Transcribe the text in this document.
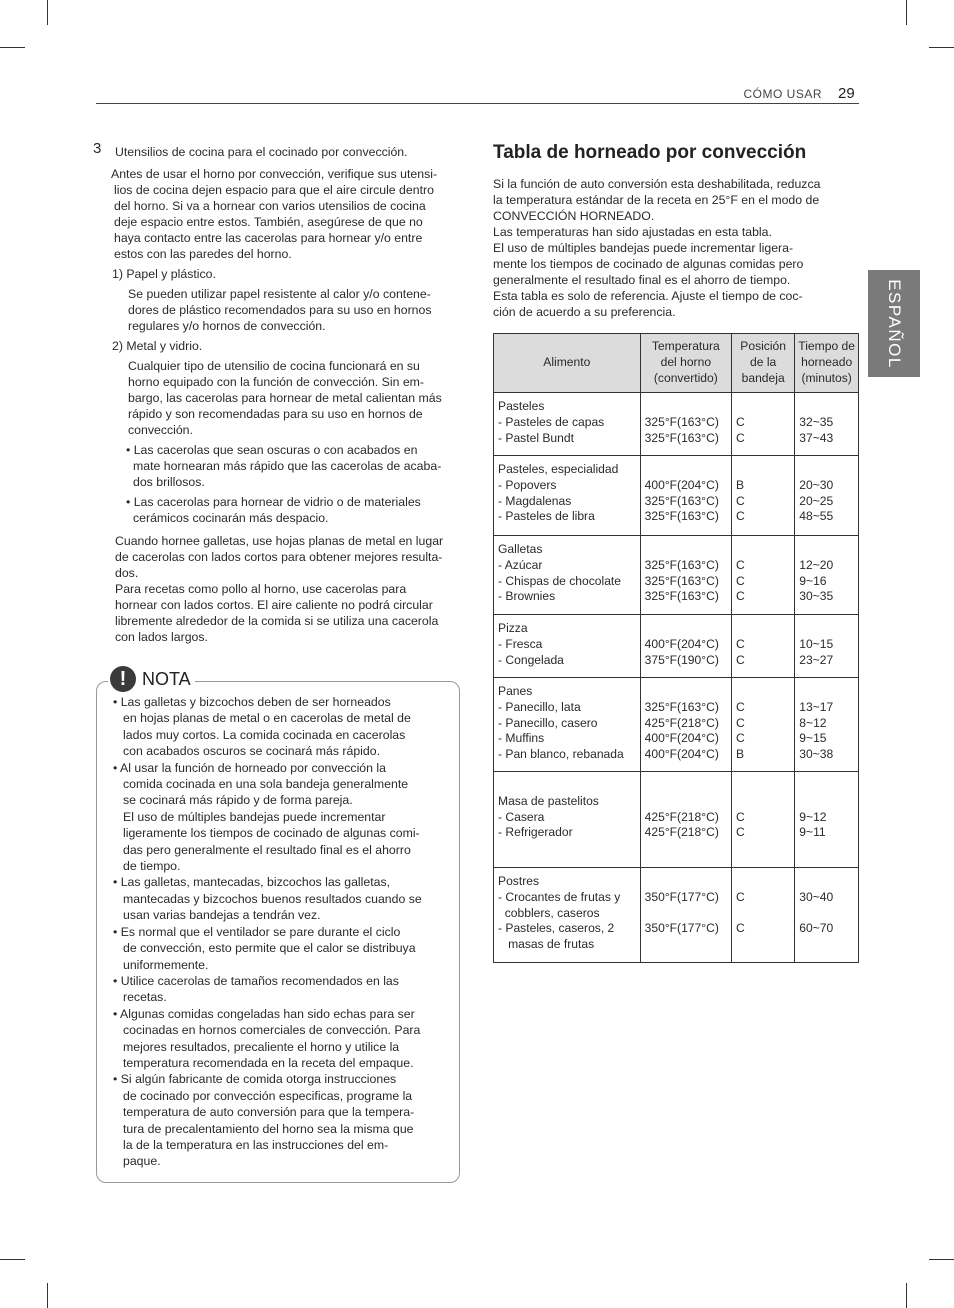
CÓMO USAR 29
ESPAÑOL
3 Utensilios de cocina para el cocinado por convección.
Antes de usar el horno por convección, verifique sus utensi-
lios de cocina dejen espacio para que el aire circule dentro
del horno. Si va a hornear con varios utensilios de cocina
deje espacio entre estos. También, asegúrese de que no
haya contacto entre las cacerolas para hornear y/o entre
estos con las paredes del horno.
1) Papel y plástico.
Se pueden utilizar papel resistente al calor y/o contene-
dores de plástico recomendados para su uso en hornos
regulares y/o hornos de convección.
2) Metal y vidrio.
Cualquier tipo de utensilio de cocina funcionará en su
horno equipado con la función de convección. Sin em-
bargo, las cacerolas para hornear de metal calientan más
rápido y son recomendadas para su uso en hornos de
convección.
• Las cacerolas que sean oscuras o con acabados en
mate hornearan más rápido que las cacerolas de acaba-
dos brillosos.
• Las cacerolas para hornear de vidrio o de materiales
cerámicos cocinarán más despacio.
Cuando hornee galletas, use hojas planas de metal en lugar
de cacerolas con lados cortos para obtener mejores resulta-
dos.
Para recetas como pollo al horno, use cacerolas para
hornear con lados cortos. El aire caliente no podrá circular
libremente alrededor de la comida si se utiliza una cacerola
con lados largos.
! NOTA
• Las galletas y bizcochos deben de ser horneados
en hojas planas de metal o en cacerolas de metal de
lados muy cortos. La comida cocinada en cacerolas
con acabados oscuros se cocinará más rápido.
• Al usar la función de horneado por convección la
comida cocinada en una sola bandeja generalmente
se cocinará más rápido y de forma pareja.
El uso de múltiples bandejas puede incrementar
ligeramente los tiempos de cocinado de algunas comi-
das pero generalmente el resultado final es el ahorro
de tiempo.
• Las galletas, mantecadas, bizcochos las galletas,
mantecadas y bizcochos buenos resultados cuando se
usan varias bandejas a tendrán vez.
• Es normal que el ventilador se pare durante el ciclo
de convección, esto permite que el calor se distribuya
uniformemente.
• Utilice cacerolas de tamaños recomendados en las
recetas.
• Algunas comidas congeladas han sido echas para ser
cocinadas en hornos comerciales de convección. Para
mejores resultados, precaliente el horno y utilice la
temperatura recomendada en la receta del empaque.
• Si algún fabricante de comida otorga instrucciones
de cocinado por convección especificas, programe la
temperatura de auto conversión para que la tempera-
tura de precalentamiento del horno sea la misma que
la de la temperatura en las instrucciones del em-
paque.
Tabla de horneado por convección
Si la función de auto conversión esta deshabilitada, reduzca
la temperatura estándar de la receta en 25°F en el modo de
CONVECCIÓN HORNEADO.
Las temperaturas han sido ajustadas en esta tabla.
El uso de múltiples bandejas puede incrementar ligera-
mente los tiempos de cocinado de algunas comidas pero
generalmente el resultado final es el ahorro de tiempo.
Esta tabla es solo de referencia. Ajuste el tiempo de coc-
ción de acuerdo a su preferencia.
Alimento	Temperatura
del horno
(convertido)	Posición
de la
bandeja	Tiempo de
horneado
(minutos)

Pasteles
- Pasteles de capas
- Pastel Bundt	325°F(163°C)
325°F(163°C)	C
C	32~35
37~43

Pasteles, especialidad
- Popovers
- Magdalenas
- Pasteles de libra	400°F(204°C)
325°F(163°C)
325°F(163°C)	B
C
C	20~30
20~25
48~55

Galletas
- Azúcar
- Chispas de chocolate
- Brownies	325°F(163°C)
325°F(163°C)
325°F(163°C)	C
C
C	12~20
9~16
30~35

Pizza
- Fresca
- Congelada	400°F(204°C)
375°F(190°C)	C
C	10~15
23~27

Panes
- Panecillo, lata
- Panecillo, casero
- Muffins
- Pan blanco, rebanada	325°F(163°C)
425°F(218°C)
400°F(204°C)
400°F(204°C)	C
C
C
B	13~17
8~12
9~15
30~38

Masa de pastelitos
- Casera
- Refrigerador	425°F(218°C)
425°F(218°C)	C
C	9~12
9~11

Postres
- Crocantes de frutas y
cobblers, caseros
- Pasteles, caseros, 2
masas de frutas	350°F(177°C)
350°F(177°C)	C
C	30~40
60~70
